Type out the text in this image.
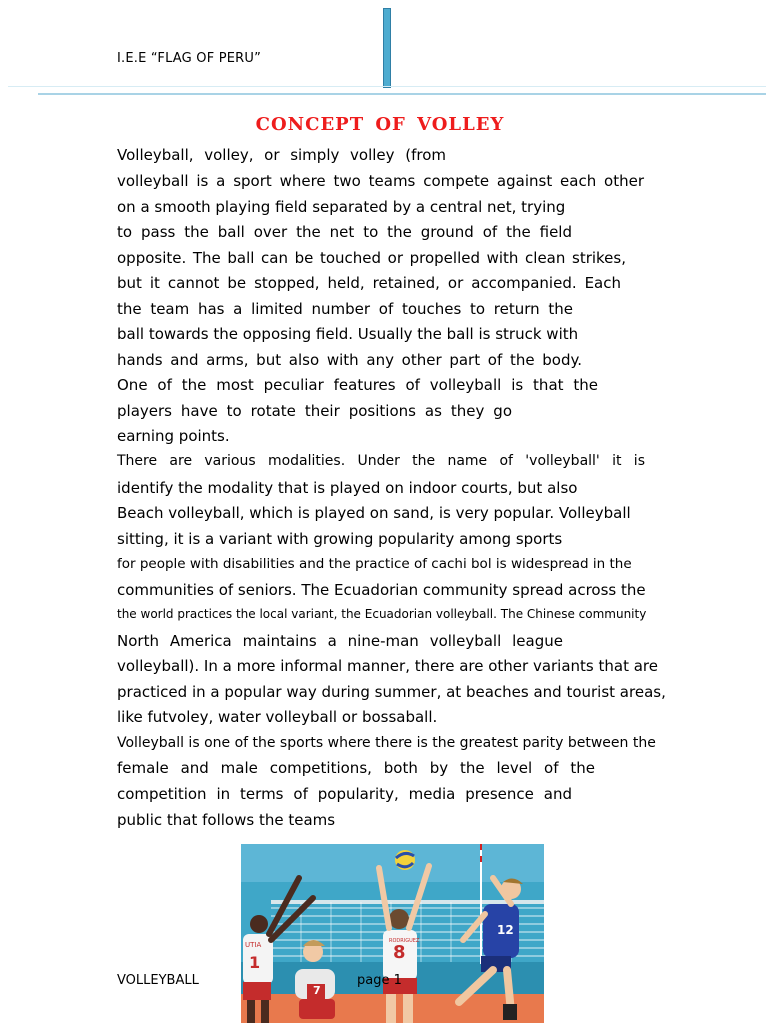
I.E.E “FLAG OF PERU”
CONCEPT OF VOLLEY

Volleyball, volley, or simply volley (from

volleyball is a sport where two teams compete against each other

on a smooth playing field separated by a central net, trying

to pass the ball over the net to the ground of the field

opposite. The ball can be touched or propelled with clean strikes,

but it cannot be stopped, held, retained, or accompanied. Each

the team has a limited number of touches to return the

ball towards the opposing field. Usually the ball is struck with

hands and arms, but also with any other part of the body.

One of the most peculiar features of volleyball is that the

players have to rotate their positions as they go

earning points.

There are various modalities. Under the name of 'volleyball' it is

identify the modality that is played on indoor courts, but also

Beach volleyball, which is played on sand, is very popular. Volleyball

sitting, it is a variant with growing popularity among sports

for people with disabilities and the practice of cachi bol is widespread in the

communities of seniors. The Ecuadorian community spread across the

the world practices the local variant, the Ecuadorian volleyball. The Chinese community

North America maintains a nine-man volleyball league

volleyball). In a more informal manner, there are other variants that are

practiced in a popular way during summer, at beaches and tourist areas,

like futvoley, water volleyball or bossaball.

Volleyball is one of the sports where there is the greatest parity between the

female and male competitions, both by the level of the

competition in terms of popularity, media presence and

public that follows the teams

1	8
7
12
UTIA	RODRIGUEZ
VOLLEYBALL	page 1
